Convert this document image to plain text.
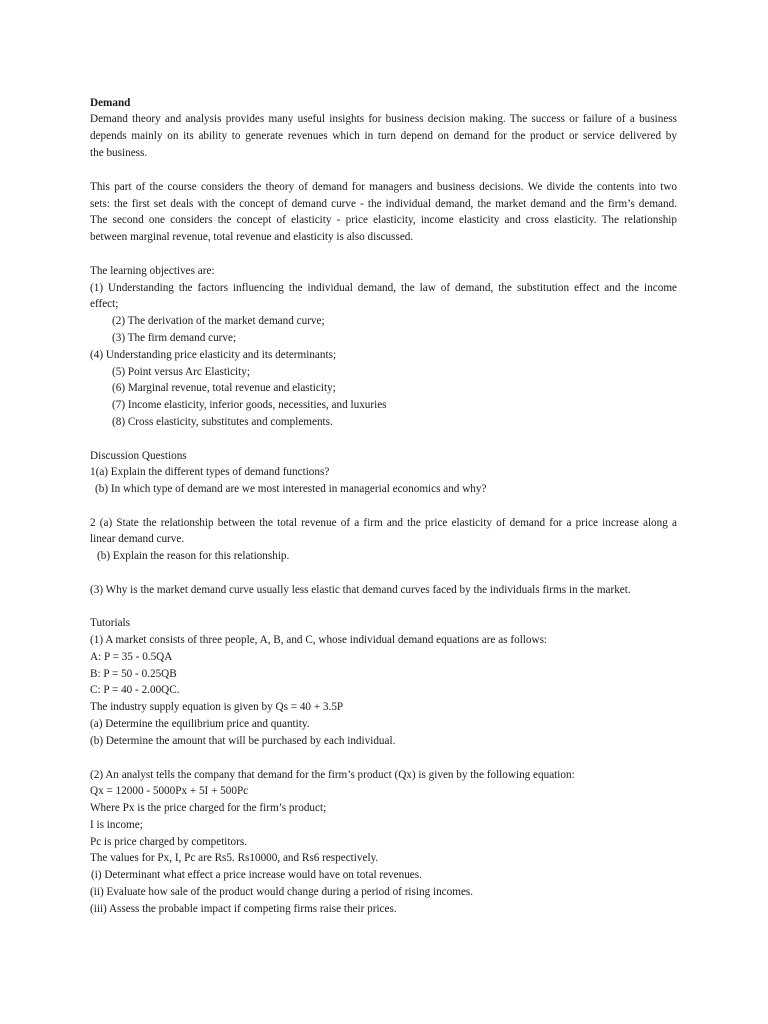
Demand
Demand theory and analysis provides many useful insights for business decision making. The success or failure of a business
depends mainly on its ability to generate revenues which in turn depend on demand for the product or service delivered by
the business.
This part of the course considers the theory of demand for managers and business decisions. We divide the contents into two
sets: the first set deals with the concept of demand curve - the individual demand, the market demand and the firm’s demand.
The second one considers the concept of elasticity - price elasticity, income elasticity and cross elasticity. The relationship
between marginal revenue, total revenue and elasticity is also discussed.
The learning objectives are:
(1) Understanding the factors influencing the individual demand, the law of demand, the substitution effect and the income
effect;
(2) The derivation of the market demand curve;
(3) The firm demand curve;
(4) Understanding price elasticity and its determinants;
(5) Point versus Arc Elasticity;
(6) Marginal revenue, total revenue and elasticity;
(7) Income elasticity, inferior goods, necessities, and luxuries
(8) Cross elasticity, substitutes and complements.
Discussion Questions
1(a) Explain the different types of demand functions?
(b) In which type of demand are we most interested in managerial economics and why?
2 (a) State the relationship between the total revenue of a firm and the price elasticity of demand for a price increase along a
linear demand curve.
(b) Explain the reason for this relationship.
(3) Why is the market demand curve usually less elastic that demand curves faced by the individuals firms in the market.
Tutorials
(1) A market consists of three people, A, B, and C, whose individual demand equations are as follows:
A: P = 35 - 0.5QA
B: P = 50 - 0.25QB
C: P = 40 - 2.00QC.
The industry supply equation is given by Qs = 40 + 3.5P
(a) Determine the equilibrium price and quantity.
(b) Determine the amount that will be purchased by each individual.
(2) An analyst tells the company that demand for the firm’s product (Qx) is given by the following equation:
Qx = 12000 - 5000Px + 5I + 500Pc
Where Px is the price charged for the firm’s product;
I is income;
Pc is price charged by competitors.
The values for Px, I, Pc are Rs5. Rs10000, and Rs6 respectively.
(i) Determinant what effect a price increase would have on total revenues.
(ii) Evaluate how sale of the product would change during a period of rising incomes.
(iii) Assess the probable impact if competing firms raise their prices.
